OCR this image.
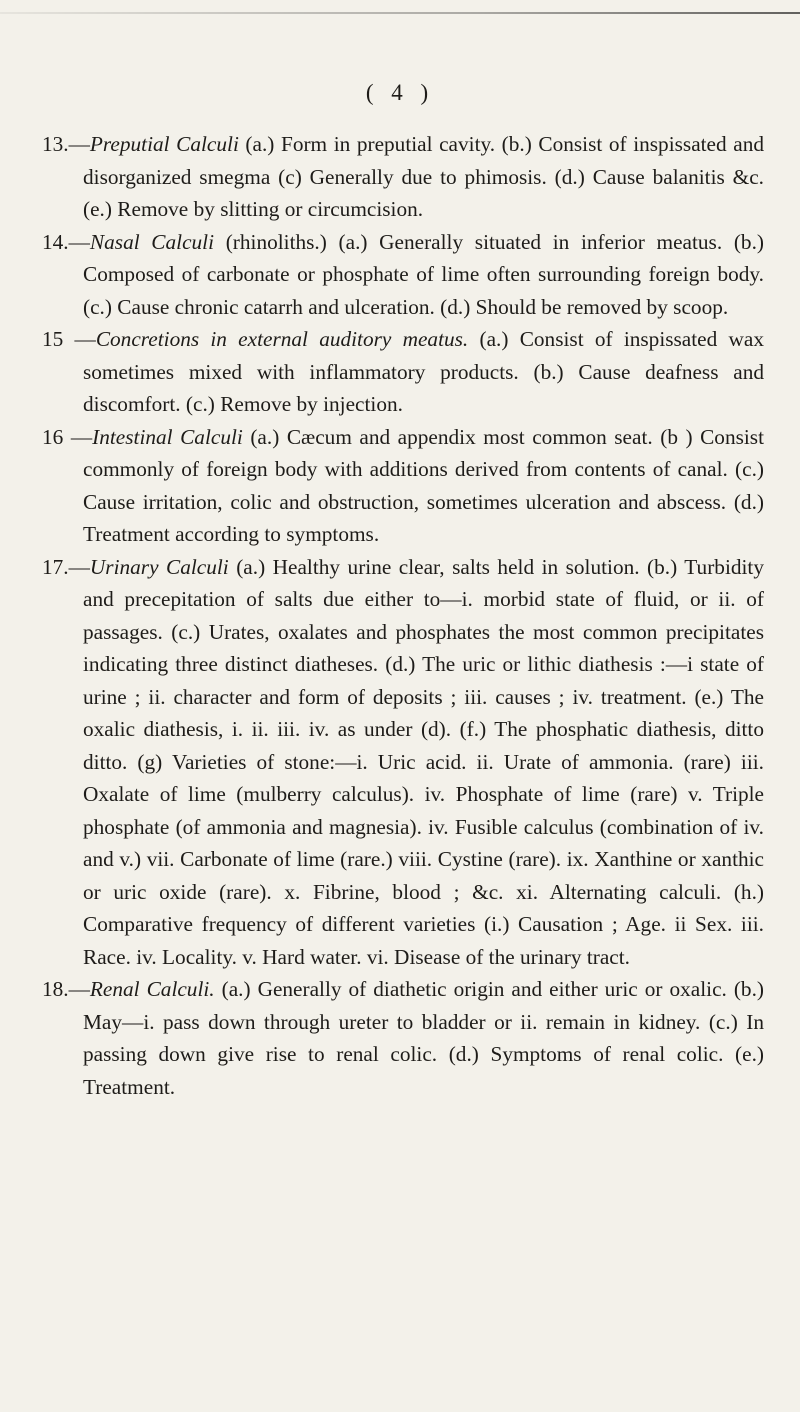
( 4 )

13.—Preputial Calculi (a.) Form in preputial cavity. (b.) Consist of inspissated and disorganized smegma (c) Generally due to phimosis. (d.) Cause balanitis &c. (e.) Remove by slitting or circumcision.

14.—Nasal Calculi (rhinoliths.) (a.) Generally situated in inferior meatus. (b.) Composed of carbonate or phosphate of lime often surrounding foreign body. (c.) Cause chronic catarrh and ulceration. (d.) Should be removed by scoop.

15 —Concretions in external auditory meatus. (a.) Consist of inspissated wax sometimes mixed with inflammatory products. (b.) Cause deafness and discomfort. (c.) Remove by injection.

16 —Intestinal Calculi (a.) Cæcum and appendix most common seat. (b ) Consist commonly of foreign body with additions derived from contents of canal. (c.) Cause irritation, colic and obstruction, sometimes ulceration and abscess. (d.) Treatment according to symptoms.

17.—Urinary Calculi (a.) Healthy urine clear, salts held in solution. (b.) Turbidity and precepitation of salts due either to—i. morbid state of fluid, or ii. of passages. (c.) Urates, oxalates and phosphates the most common precipitates indicating three distinct diatheses. (d.) The uric or lithic diathesis :—i state of urine ; ii. character and form of deposits ; iii. causes ; iv. treatment. (e.) The oxalic diathesis, i. ii. iii. iv. as under (d). (f.) The phosphatic diathesis, ditto ditto. (g) Varieties of stone:—i. Uric acid. ii. Urate of ammonia. (rare) iii. Oxalate of lime (mulberry calculus). iv. Phosphate of lime (rare) v. Triple phosphate (of ammonia and magnesia). iv. Fusible calculus (combination of iv. and v.) vii. Carbonate of lime (rare.) viii. Cystine (rare). ix. Xanthine or xanthic or uric oxide (rare). x. Fibrine, blood ; &c. xi. Alternating calculi. (h.) Comparative frequency of different varieties (i.) Causation ; Age. ii Sex. iii. Race. iv. Locality. v. Hard water. vi. Disease of the urinary tract.

18.—Renal Calculi. (a.) Generally of diathetic origin and either uric or oxalic. (b.) May—i. pass down through ureter to bladder or ii. remain in kidney. (c.) In passing down give rise to renal colic. (d.) Symptoms of renal colic. (e.) Treatment.
